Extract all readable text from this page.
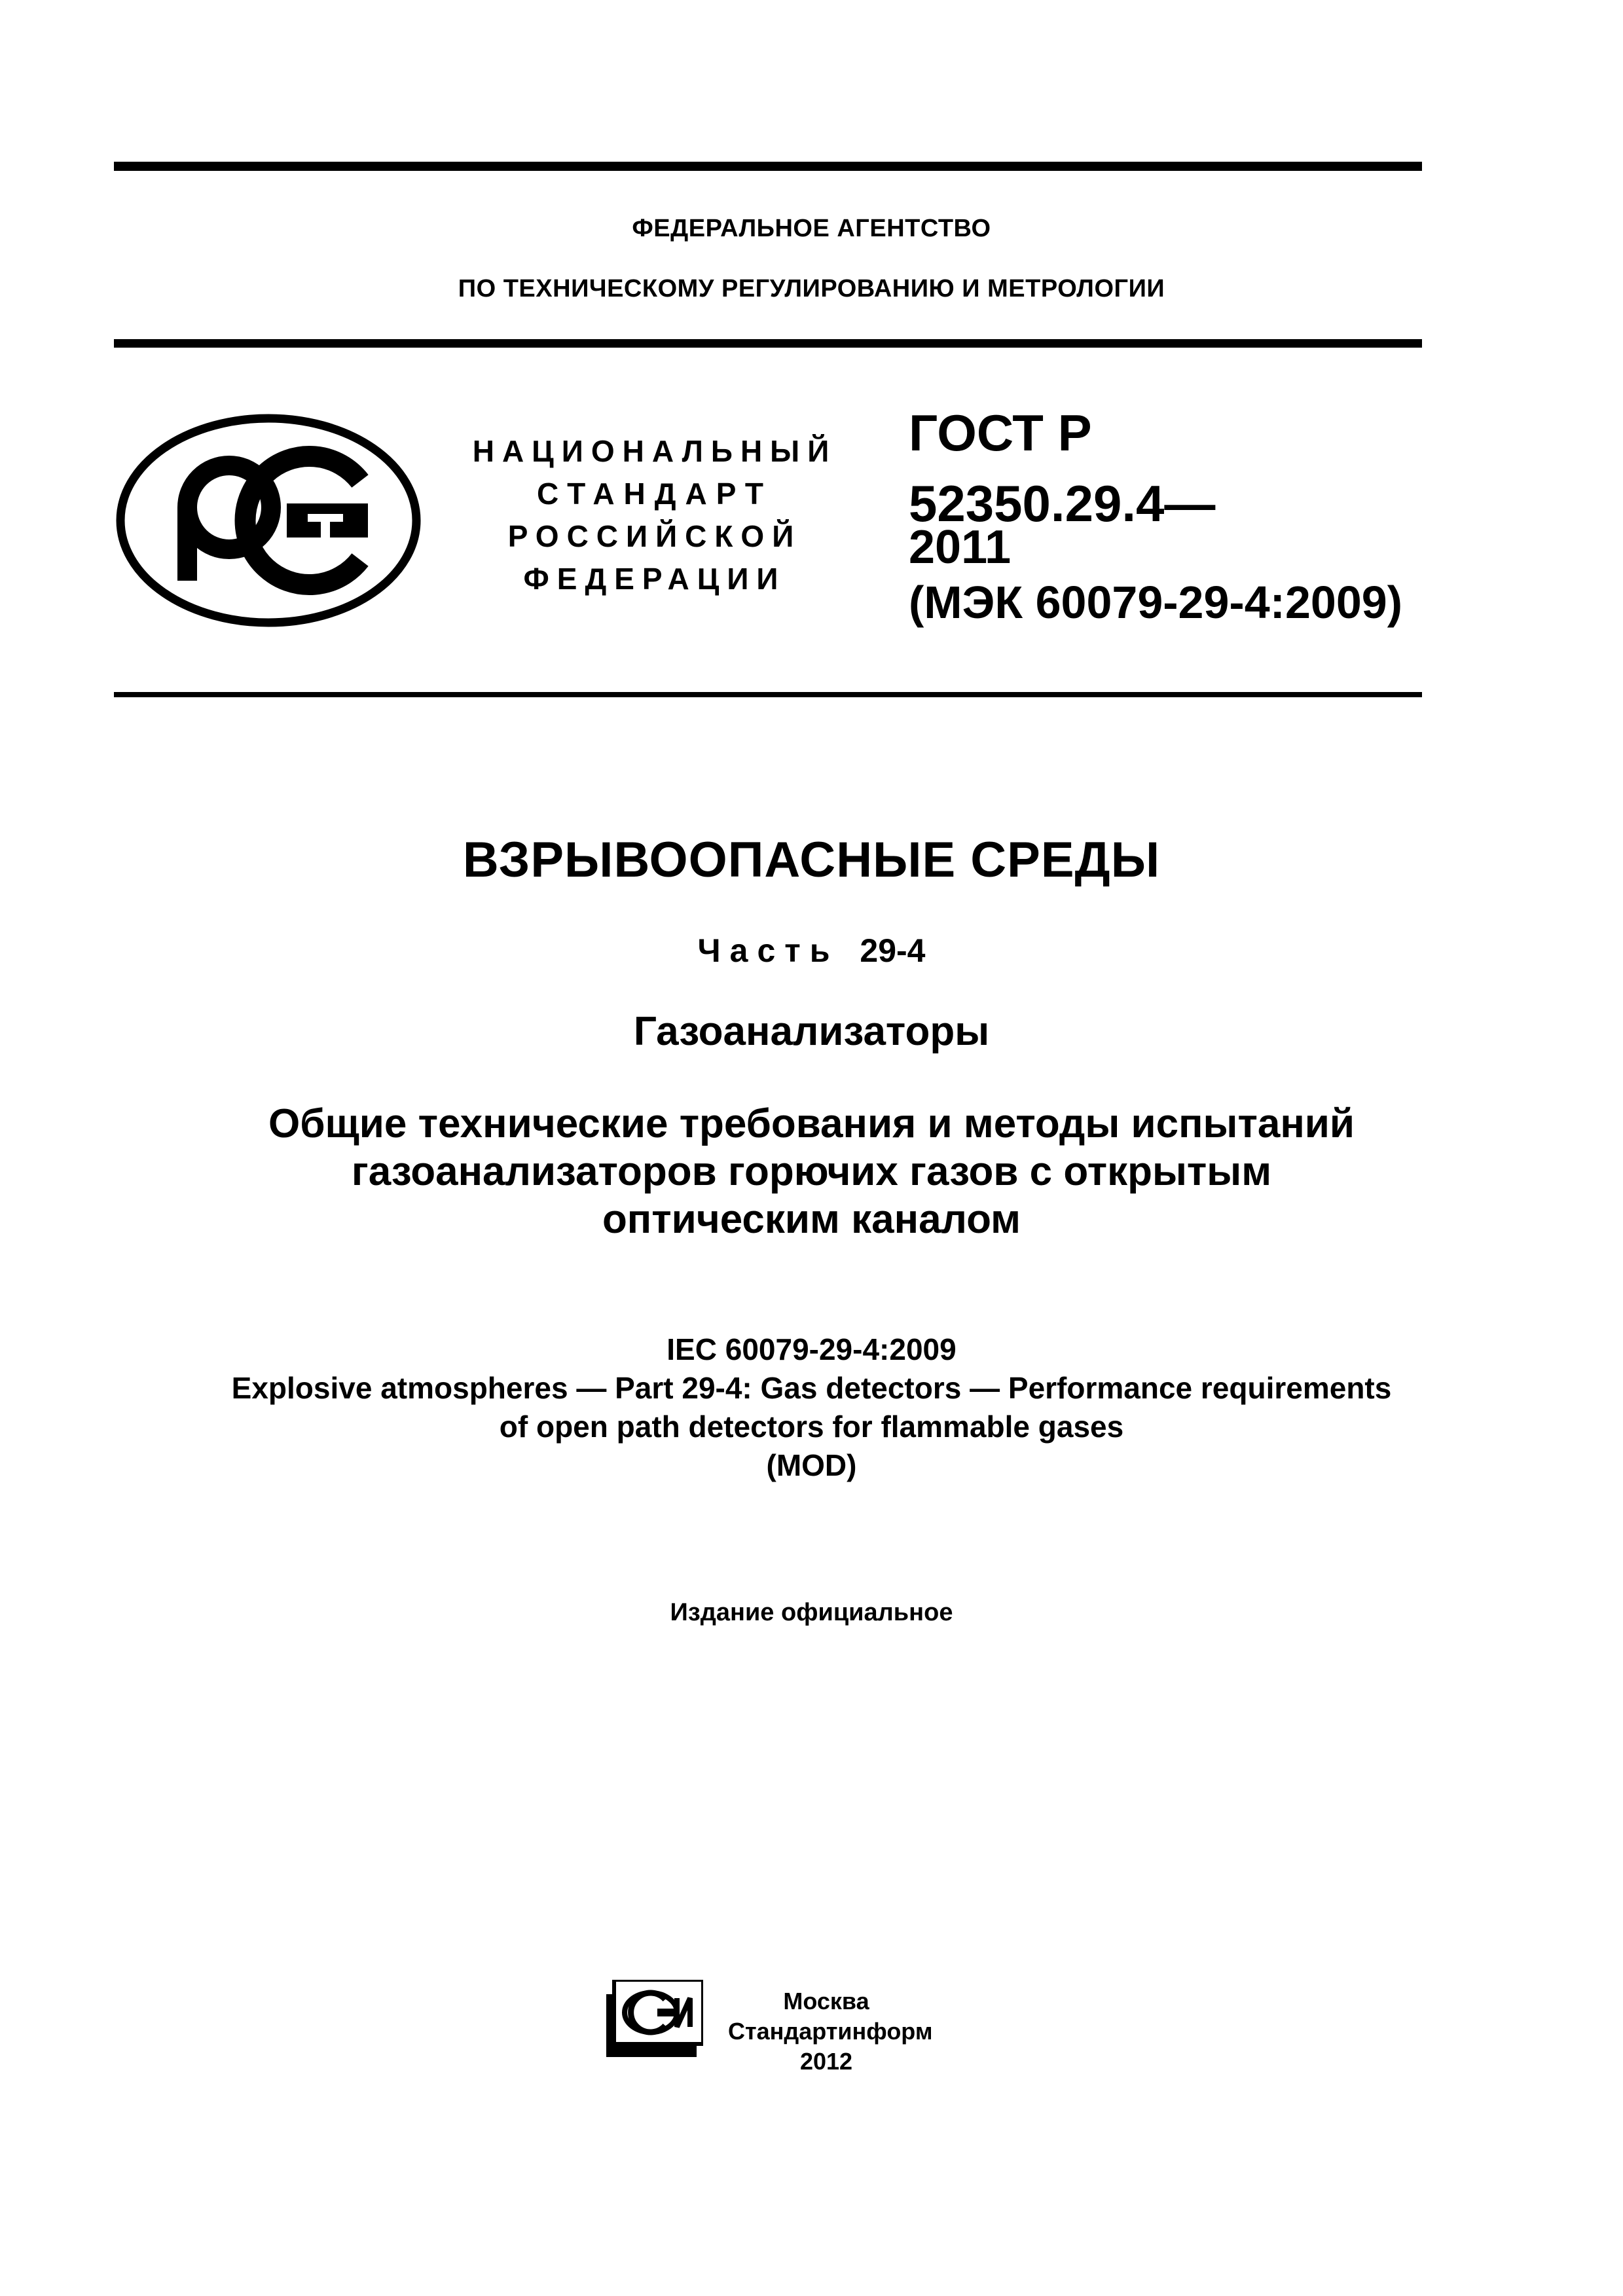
ФЕДЕРАЛЬНОЕ АГЕНТСТВО
ПО ТЕХНИЧЕСКОМУ РЕГУЛИРОВАНИЮ И МЕТРОЛОГИИ
НАЦИОНАЛЬНЫЙ
СТАНДАРТ
РОССИЙСКОЙ
ФЕДЕРАЦИИ
ГОСТ Р
52350.29.4—
2011
(МЭК 60079-29-4:2009)
ВЗРЫВООПАСНЫЕ СРЕДЫ
Часть 29-4
Газоанализаторы
Общие технические требования и методы испытаний
газоанализаторов горючих газов с открытым
оптическим каналом
IEC 60079-29-4:2009
Explosive atmospheres — Part 29-4: Gas detectors — Performance requirements
of open path detectors for flammable gases
(MOD)
Издание официальное
Москва
Стандартинформ
2012
